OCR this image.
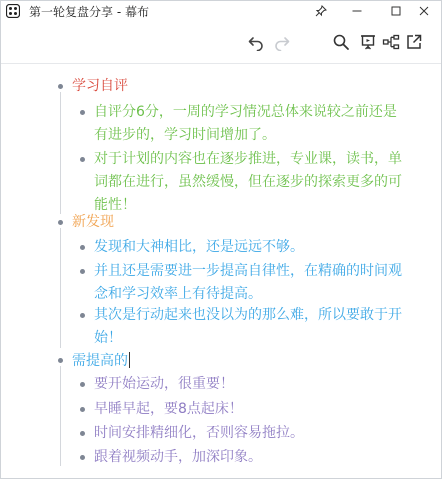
第一轮复盘分享 - 幕布
学习自评
自评分6分，一周的学习情况总体来说较之前还是
有进步的，学习时间增加了。
对于计划的内容也在逐步推进，专业课，读书，单
词都在进行，虽然缓慢，但在逐步的探索更多的可
能性！
新发现
发现和大神相比，还是远远不够。
并且还是需要进一步提高自律性，在精确的时间观
念和学习效率上有待提高。
其次是行动起来也没以为的那么难，所以要敢于开
始！
需提高的
要开始运动，很重要！
早睡早起，要8点起床！
时间安排精细化，否则容易拖拉。
跟着视频动手，加深印象。
